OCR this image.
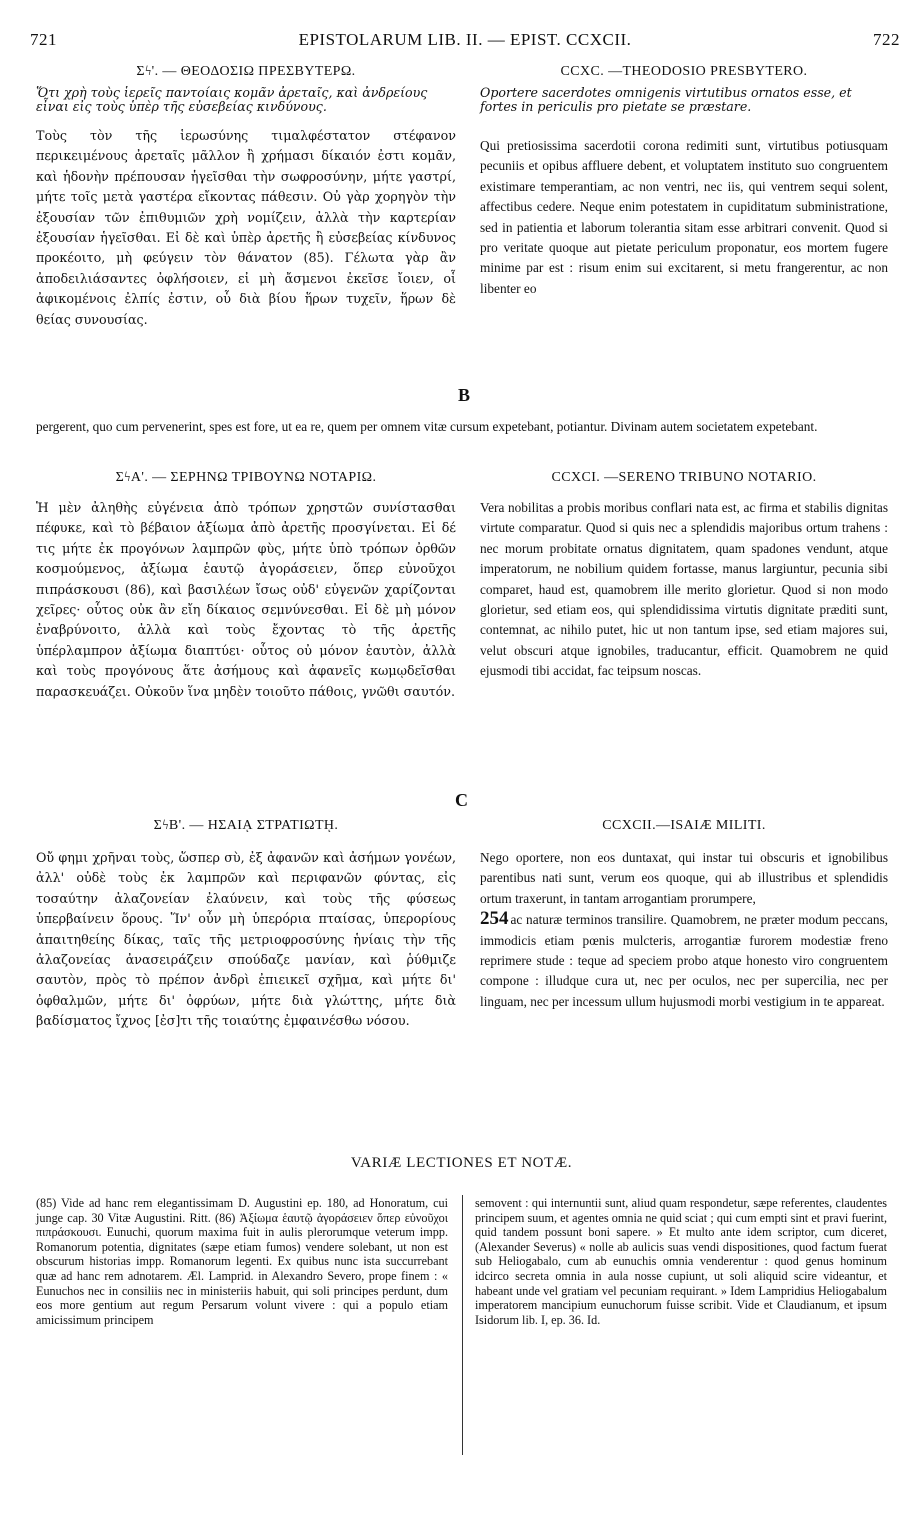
721	EPISTOLARUM LIB. II. — EPIST. CCXCII.	722
Σϟ'. — ΘΕΟΔΟΣΙΩ ΠΡΕΣΒΥΤΕΡΩ.
Ὅτι χρὴ τοὺς ἱερεῖς παντοίαις κομᾶν ἀρεταῖς, καὶ ἀνδρείους εἶναι εἰς τοὺς ὑπὲρ τῆς εὐσεβείας κινδύνους.
Τοὺς τὸν τῆς ἱερωσύνης τιμαλφέστατον στέφανον περικειμένους ἀρεταῖς μᾶλλον ἢ χρήμασι δίκαιόν ἐστι κομᾶν, καὶ ἡδονὴν πρέπουσαν ἡγεῖσθαι τὴν σωφροσύνην, μήτε γαστρί, μήτε τοῖς μετὰ γαστέρα εἴκοντας πάθεσιν. Οὐ γὰρ χορηγὸν τὴν ἐξουσίαν τῶν ἐπιθυμιῶν χρὴ νομίζειν, ἀλλὰ τὴν καρτερίαν ἐξουσίαν ἡγεῖσθαι. Εἰ δὲ καὶ ὑπὲρ ἀρετῆς ἢ εὐσεβείας κίνδυνος προκέοιτο, μὴ φεύγειν τὸν θάνατον (85). Γέλωτα γὰρ ἂν ἀποδειλιάσαντες ὀφλήσοιεν, εἰ μὴ ἄσμενοι ἐκεῖσε ἴοιεν, οἷ ἀφικομένοις ἐλπίς ἐστιν, οὗ διὰ βίου ἥρων τυχεῖν, ἥρων δὲ θείας συνουσίας.
CCXC. —THEODOSIO PRESBYTERO.
Oportere sacerdotes omnigenis virtutibus ornatos esse, et fortes in periculis pro pietate se præstare.
Qui pretiosissima sacerdotii corona redimiti sunt, virtutibus potiusquam pecuniis et opibus affluere debent, et voluptatem instituto suo congruentem existimare temperantiam, ac non ventri, nec iis, qui ventrem sequi solent, affectibus cedere. Neque enim potestatem in cupiditatum subministratione, sed in patientia et laborum tolerantia sitam esse arbitrari convenit. Quod si pro veritate quoque aut pietate periculum proponatur, eos mortem fugere minime par est : risum enim sui excitarent, si metu frangerentur, ac non libenter eo
B
pergerent, quo cum pervenerint, spes est fore, ut ea re, quem per omnem vitæ cursum expetebant, potiantur. Divinam autem societatem expetebant.
ΣϟΑ'. — ΣΕΡΗΝΩ ΤΡΙΒΟΥΝΩ ΝΟΤΑΡΙΩ.
Ἡ μὲν ἀληθὴς εὐγένεια ἀπὸ τρόπων χρηστῶν συνίστασθαι πέφυκε, καὶ τὸ βέβαιον ἀξίωμα ἀπὸ ἀρετῆς προσγίνεται. Εἰ δέ τις μήτε ἐκ προγόνων λαμπρῶν φὺς, μήτε ὑπὸ τρόπων ὀρθῶν κοσμούμενος, ἀξίωμα ἑαυτῷ ἀγοράσειεν, ὅπερ εὐνοῦχοι πιπράσκουσι (86), καὶ βασιλέων ἴσως οὐδ' εὐγενῶν χαρίζονται χεῖρες· οὗτος οὐκ ἂν εἴη δίκαιος σεμνύνεσθαι. Εἰ δὲ μὴ μόνον ἐναβρύνοιτο, ἀλλὰ καὶ τοὺς ἔχοντας τὸ τῆς ἀρετῆς ὑπέρλαμπρον ἀξίωμα διαπτύει· οὗτος οὐ μόνον ἑαυτὸν, ἀλλὰ καὶ τοὺς προγόνους ἅτε ἀσήμους καὶ ἀφανεῖς κωμῳδεῖσθαι παρασκευάζει. Οὐκοῦν ἵνα μηδὲν τοιοῦτο πάθοις, γνῶθι σαυτόν.
CCXCI. —SERENO TRIBUNO NOTARIO.
Vera nobilitas a probis moribus conflari nata est, ac firma et stabilis dignitas virtute comparatur. Quod si quis nec a splendidis majoribus ortum trahens : nec morum probitate ornatus dignitatem, quam spadones vendunt, atque imperatorum, ne nobilium quidem fortasse, manus largiuntur, pecunia sibi comparet, haud est, quamobrem ille merito glorietur. Quod si non modo glorietur, sed etiam eos, qui splendidissima virtutis dignitate præditi sunt, contemnat, ac nihilo putet, hic ut non tantum ipse, sed etiam majores sui, velut obscuri atque ignobiles, traducantur, efficit. Quamobrem ne quid ejusmodi tibi accidat, fac teipsum noscas.
C
ΣϟΒ'. — ΗΣΑΙᾼ ΣΤΡΑΤΙΩΤῌ.
Οὔ φημι χρῆναι τοὺς, ὥσπερ σὺ, ἐξ ἀφανῶν καὶ ἀσήμων γονέων, ἀλλ' οὐδὲ τοὺς ἐκ λαμπρῶν καὶ περιφανῶν φύντας, εἰς τοσαύτην ἀλαζονείαν ἐλαύνειν, καὶ τοὺς τῆς φύσεως ὑπερβαίνειν ὅρους. Ἵν' οὖν μὴ ὑπερόρια πταίσας, ὑπερορίους ἀπαιτηθείης δίκας, ταῖς τῆς μετριοφροσύνης ἡνίαις τὴν τῆς ἀλαζονείας ἀνασειράζειν σπούδαζε μανίαν, καὶ ῥύθμιζε σαυτὸν, πρὸς τὸ πρέπον ἀνδρὶ ἐπιεικεῖ σχῆμα, καὶ μήτε δι' ὀφθαλμῶν, μήτε δι' ὀφρύων, μήτε διὰ γλώττης, μήτε διὰ βαδίσματος ἴχνος [ἐσ]τι τῆς τοιαύτης ἐμφαινέσθω νόσου.
CCXCII.—ISAIÆ MILITI.
Nego oportere, non eos duntaxat, qui instar tui obscuris et ignobilibus parentibus nati sunt, verum eos quoque, qui ab illustribus et splendidis ortum traxerunt, in tantam arrogantiam prorumpere,
254 ac naturæ terminos transilire. Quamobrem, ne præter modum peccans, immodicis etiam pœnis mulcteris, arrogantiæ furorem modestiæ freno reprimere stude : teque ad speciem probo atque honesto viro congruentem compone : illudque cura ut, nec per oculos, nec per supercilia, nec per linguam, nec per incessum ullum hujusmodi morbi vestigium in te appareat.
VARIÆ LECTIONES ET NOTÆ.
(85) Vide ad hanc rem elegantissimam D. Augustini ep. 180, ad Honoratum, cui junge cap. 30 Vitæ Augustini. Ritt. (86) Ἀξίωμα ἑαυτῷ ἀγοράσειεν ὅπερ εὐνοῦχοι πιπράσκουσι. Eunuchi, quorum maxima fuit in aulis plerorumque veterum impp. Romanorum potentia, dignitates (sæpe etiam fumos) vendere solebant, ut non est obscurum historias impp. Romanorum legenti. Ex quibus nunc ista succurrebant quæ ad hanc rem adnotarem. Æl. Lamprid. in Alexandro Severo, prope finem : « Eunuchos nec in consiliis nec in ministeriis habuit, qui soli principes perdunt, dum eos more gentium aut regum Persarum volunt vivere : qui a populo etiam amicissimum principem
semovent : qui internuntii sunt, aliud quam respondetur, sæpe referentes, claudentes principem suum, et agentes omnia ne quid sciat ; qui cum empti sint et pravi fuerint, quid tandem possunt boni sapere. » Et multo ante idem scriptor, cum diceret, (Alexander Severus) « nolle ab aulicis suas vendi dispositiones, quod factum fuerat sub Heliogabalo, cum ab eunuchis omnia venderentur : quod genus hominum idcirco secreta omnia in aula nosse cupiunt, ut soli aliquid scire videantur, et habeant unde vel gratiam vel pecuniam requirant. » Idem Lampridius Heliogabalum imperatorem mancipium eunuchorum fuisse scribit. Vide et Claudianum, et ipsum Isidorum lib. I, ep. 36. Id.
